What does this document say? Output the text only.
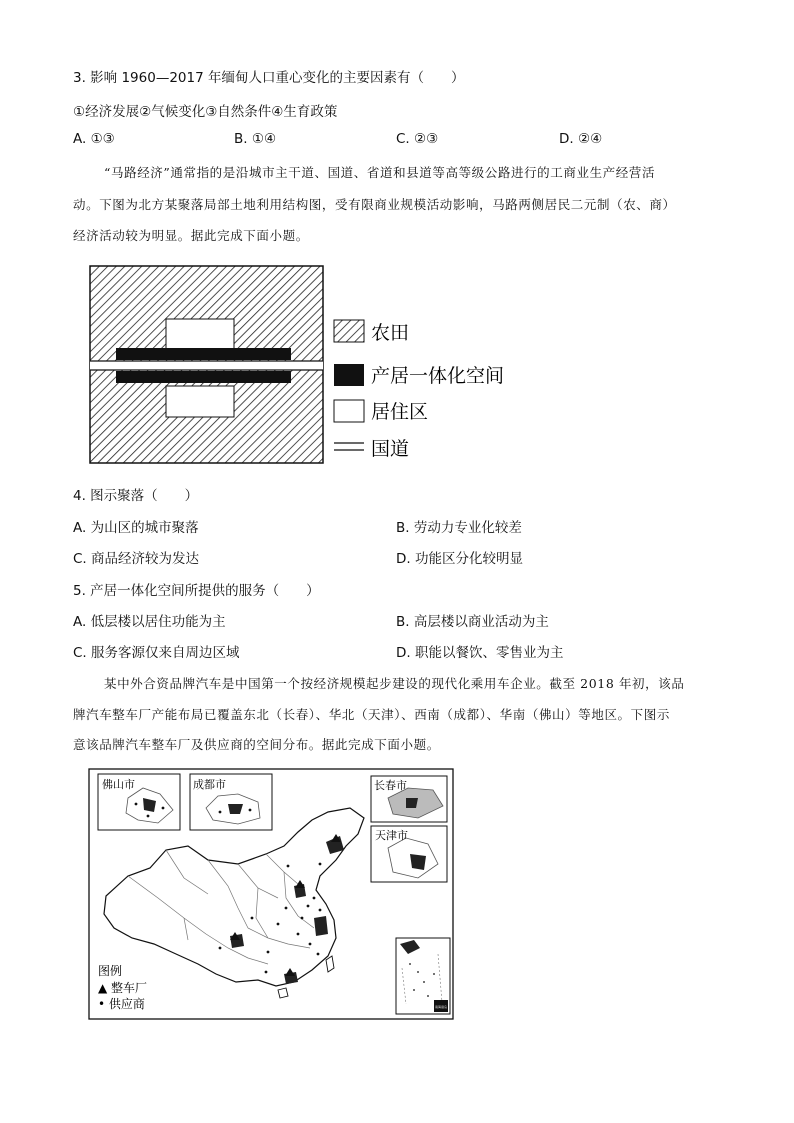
3. 影响 1960—2017 年缅甸人口重心变化的主要因素有（　　）
①经济发展②气候变化③自然条件④生育政策
A. ①③	B. ①④	C. ②③	D. ②④
“马路经济”通常指的是沿城市主干道、国道、省道和县道等高等级公路进行的工商业生产经营活
动。下图为北方某聚落局部土地利用结构图，受有限商业规模活动影响，马路两侧居民二元制（农、商）
经济活动较为明显。据此完成下面小题。
农田
产居一体化空间
居住区
国道
4. 图示聚落（　　）
A. 为山区的城市聚落	B. 劳动力专业化较差
C. 商品经济较为发达	D. 功能区分化较明显
5. 产居一体化空间所提供的服务（　　）
A. 低层楼以居住功能为主	B. 高层楼以商业活动为主
C. 服务客源仅来自周边区域	D. 职能以餐饮、零售业为主
某中外合资品牌汽车是中国第一个按经济规模起步建设的现代化乘用车企业。截至 2018 年初，该品
牌汽车整车厂产能布局已覆盖东北（长春）、华北（天津）、西南（成都）、华南（佛山）等地区。下图示
意该品牌汽车整车厂及供应商的空间分布。据此完成下面小题。
佛山市	成都市	长春市
天津市
南海诸岛
图例
▲ 整车厂
• 供应商
